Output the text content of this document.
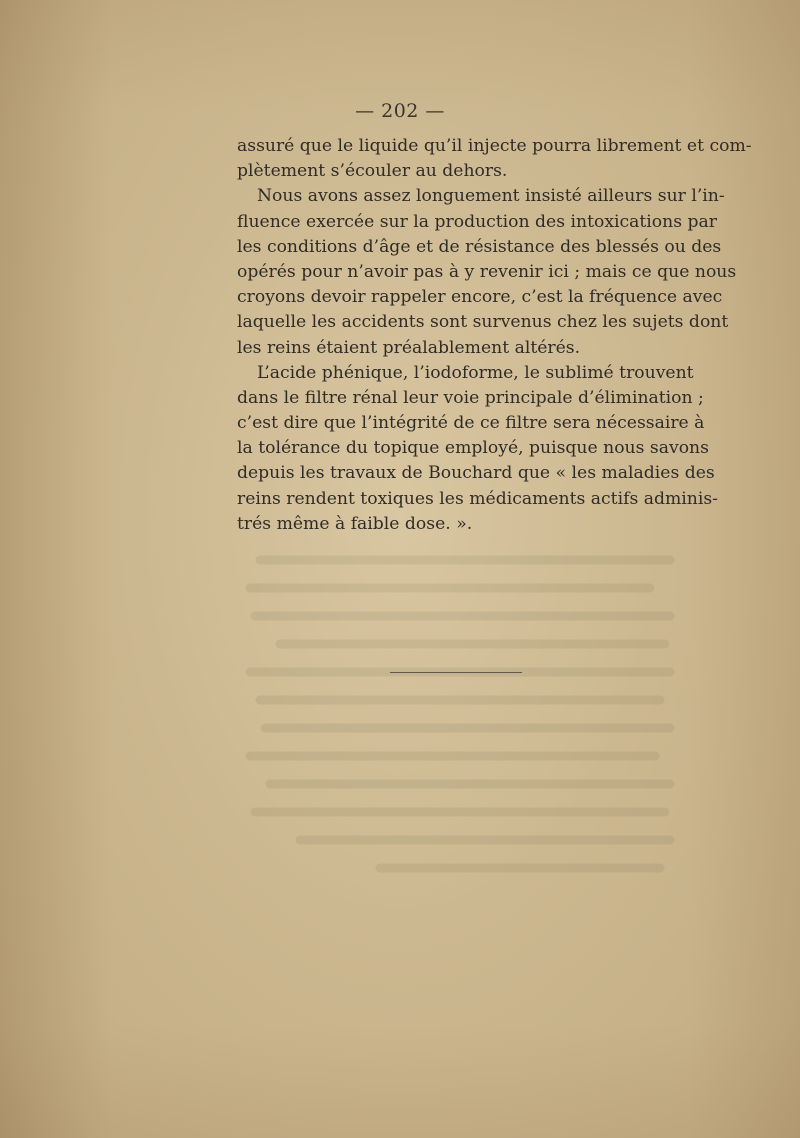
— 202 —
assuré que le liquide qu’il injecte pourra librement et com-
plètement s’écouler au dehors.
Nous avons assez longuement insisté ailleurs sur l’in-
fluence exercée sur la production des intoxications par
les conditions d’âge et de résistance des blessés ou des
opérés pour n’avoir pas à y revenir ici ; mais ce que nous
croyons devoir rappeler encore, c’est la fréquence avec
laquelle les accidents sont survenus chez les sujets dont
les reins étaient préalablement altérés.
L’acide phénique, l’iodoforme, le sublimé trouvent
dans le filtre rénal leur voie principale d’élimination ;
c’est dire que l’intégrité de ce filtre sera nécessaire à
la tolérance du topique employé, puisque nous savons
depuis les travaux de Bouchard que « les maladies des
reins rendent toxiques les médicaments actifs adminis-
trés même à faible dose. ».
